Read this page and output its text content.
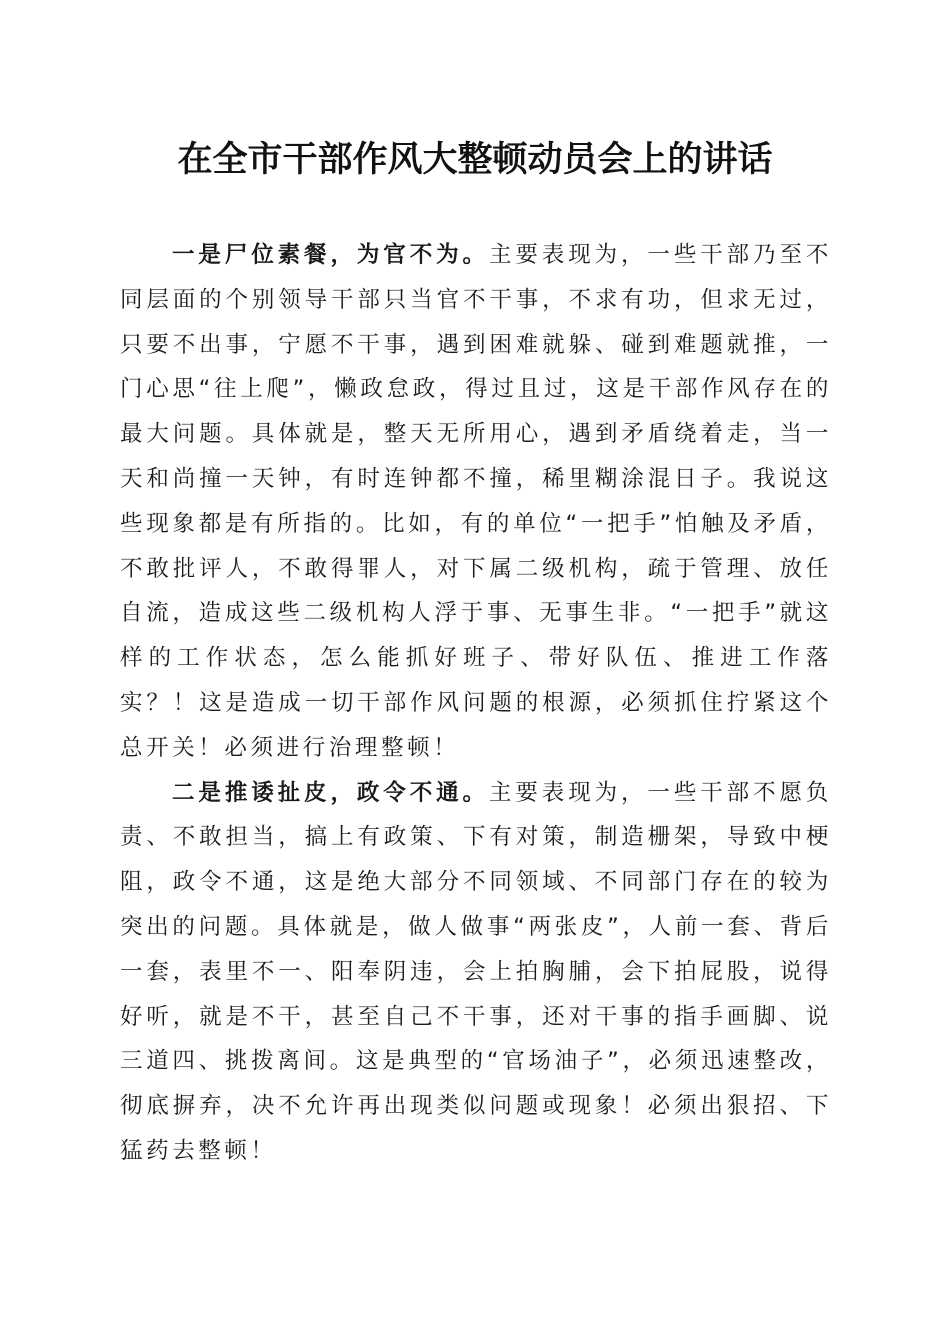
在全市干部作风大整顿动员会上的讲话

一是尸位素餐，为官不为。主要表现为，一些干部乃至不同层面的个别领导干部只当官不干事，不求有功，但求无过，只要不出事，宁愿不干事，遇到困难就躲、碰到难题就推，一门心思“往上爬”，懒政怠政，得过且过，这是干部作风存在的最大问题。具体就是，整天无所用心，遇到矛盾绕着走，当一天和尚撞一天钟，有时连钟都不撞，稀里糊涂混日子。我说这些现象都是有所指的。比如，有的单位“一把手”怕触及矛盾，不敢批评人，不敢得罪人，对下属二级机构，疏于管理、放任自流，造成这些二级机构人浮于事、无事生非。“一把手”就这样的工作状态，怎么能抓好班子、带好队伍、推进工作落实？！这是造成一切干部作风问题的根源，必须抓住拧紧这个总开关！必须进行治理整顿！

二是推诿扯皮，政令不通。主要表现为，一些干部不愿负责、不敢担当，搞上有政策、下有对策，制造栅架，导致中梗阻，政令不通，这是绝大部分不同领域、不同部门存在的较为突出的问题。具体就是，做人做事“两张皮”，人前一套、背后一套，表里不一、阳奉阴违，会上拍胸脯，会下拍屁股，说得好听，就是不干，甚至自己不干事，还对干事的指手画脚、说三道四、挑拨离间。这是典型的“官场油子”，必须迅速整改，彻底摒弃，决不允许再出现类似问题或现象！必须出狠招、下猛药去整顿！
